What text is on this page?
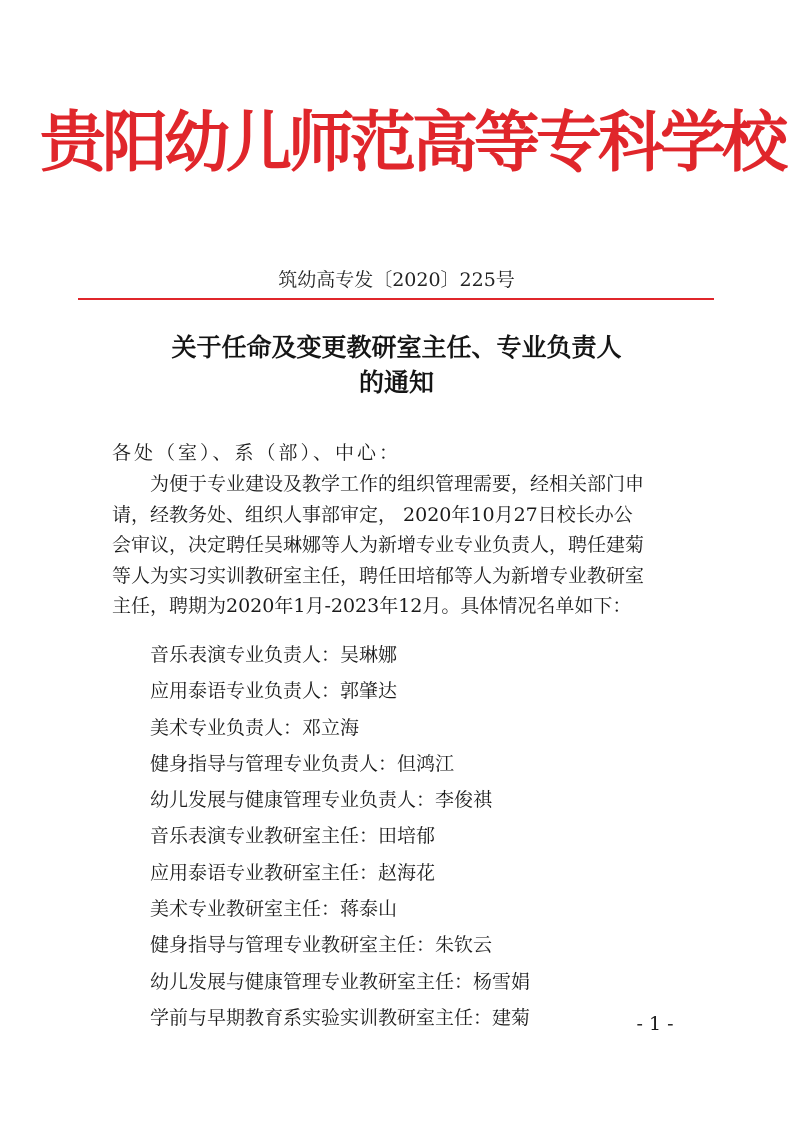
贵阳幼儿师范高等专科学校
筑幼高专发〔2020〕225号
关于任命及变更教研室主任、专业负责人
的通知
各处（室）、系（部）、中心：
为便于专业建设及教学工作的组织管理需要，经相关部门申
请，经教务处、组织人事部审定， 2020年10月27日校长办公
会审议，决定聘任吴琳娜等人为新增专业专业负责人，聘任建菊
等人为实习实训教研室主任，聘任田培郁等人为新增专业教研室
主任，聘期为2020年1月-2023年12月。具体情况名单如下：
音乐表演专业负责人：吴琳娜
应用泰语专业负责人：郭肇达
美术专业负责人：邓立海
健身指导与管理专业负责人：但鸿江
幼儿发展与健康管理专业负责人：李俊祺
音乐表演专业教研室主任：田培郁
应用泰语专业教研室主任：赵海花
美术专业教研室主任：蒋泰山
健身指导与管理专业教研室主任：朱钦云
幼儿发展与健康管理专业教研室主任：杨雪娟
学前与早期教育系实验实训教研室主任：建菊	- 1 -
